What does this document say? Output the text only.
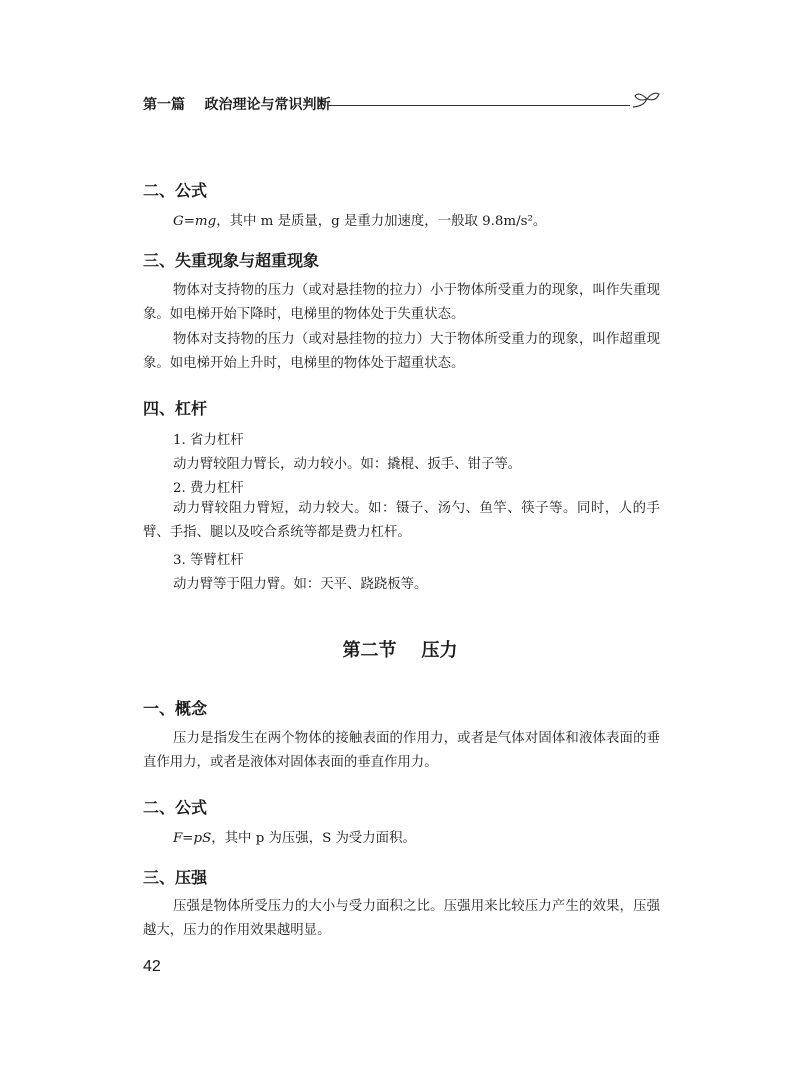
第一篇    政治理论与常识判断
二、公式
G=mg，其中 m 是质量，g 是重力加速度，一般取 9.8m/s²。
三、失重现象与超重现象
物体对支持物的压力（或对悬挂物的拉力）小于物体所受重力的现象，叫作失重现象。如电梯开始下降时，电梯里的物体处于失重状态。
物体对支持物的压力（或对悬挂物的拉力）大于物体所受重力的现象，叫作超重现象。如电梯开始上升时，电梯里的物体处于超重状态。
四、杠杆
1. 省力杠杆
动力臂较阻力臂长，动力较小。如：撬棍、扳手、钳子等。
2. 费力杠杆
动力臂较阻力臂短，动力较大。如：镊子、汤勺、鱼竿、筷子等。同时，人的手臂、手指、腿以及咬合系统等都是费力杠杆。
3. 等臂杠杆
动力臂等于阻力臂。如：天平、跷跷板等。
第二节    压力
一、概念
压力是指发生在两个物体的接触表面的作用力，或者是气体对固体和液体表面的垂直作用力，或者是液体对固体表面的垂直作用力。
二、公式
F=pS，其中 p 为压强，S 为受力面积。
三、压强
压强是物体所受压力的大小与受力面积之比。压强用来比较压力产生的效果，压强越大，压力的作用效果越明显。
42
